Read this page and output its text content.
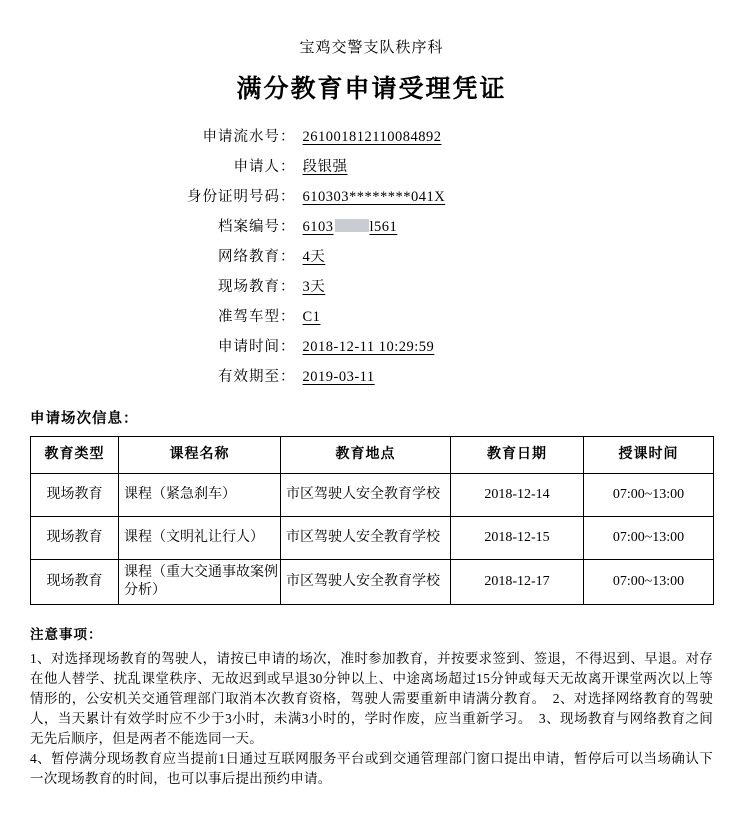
宝鸡交警支队秩序科
满分教育申请受理凭证
申请流水号： 261001812110084892
申请人： 段银强
身份证明号码： 610303********041X
档案编号： 6103 l561
网络教育： 4天
现场教育： 3天
准驾车型： C1
申请时间： 2018-12-11 10:29:59
有效期至： 2019-03-11
申请场次信息：
教育类型	课程名称	教育地点	教育日期	授课时间
现场教育	课程（紧急刹车）	市区驾驶人安全教育学校	2018-12-14	07:00~13:00
现场教育	课程（文明礼让行人）	市区驾驶人安全教育学校	2018-12-15	07:00~13:00
现场教育	课程（重大交通事故案例分析）	市区驾驶人安全教育学校	2018-12-17	07:00~13:00
注意事项：

1、对选择现场教育的驾驶人，请按已申请的场次，准时参加教育，并按要求签到、签退，不得迟到、早退。对存在他人替学、扰乱课堂秩序、无故迟到或早退30分钟以上、中途离场超过15分钟或每天无故离开课堂两次以上等情形的，公安机关交通管理部门取消本次教育资格，驾驶人需要重新申请满分教育。　2、对选择网络教育的驾驶人，当天累计有效学时应不少于3小时，未满3小时的，学时作废，应当重新学习。　3、现场教育与网络教育之间无先后顺序，但是两者不能选同一天。

4、暂停满分现场教育应当提前1日通过互联网服务平台或到交通管理部门窗口提出申请，暂停后可以当场确认下一次现场教育的时间，也可以事后提出预约申请。
